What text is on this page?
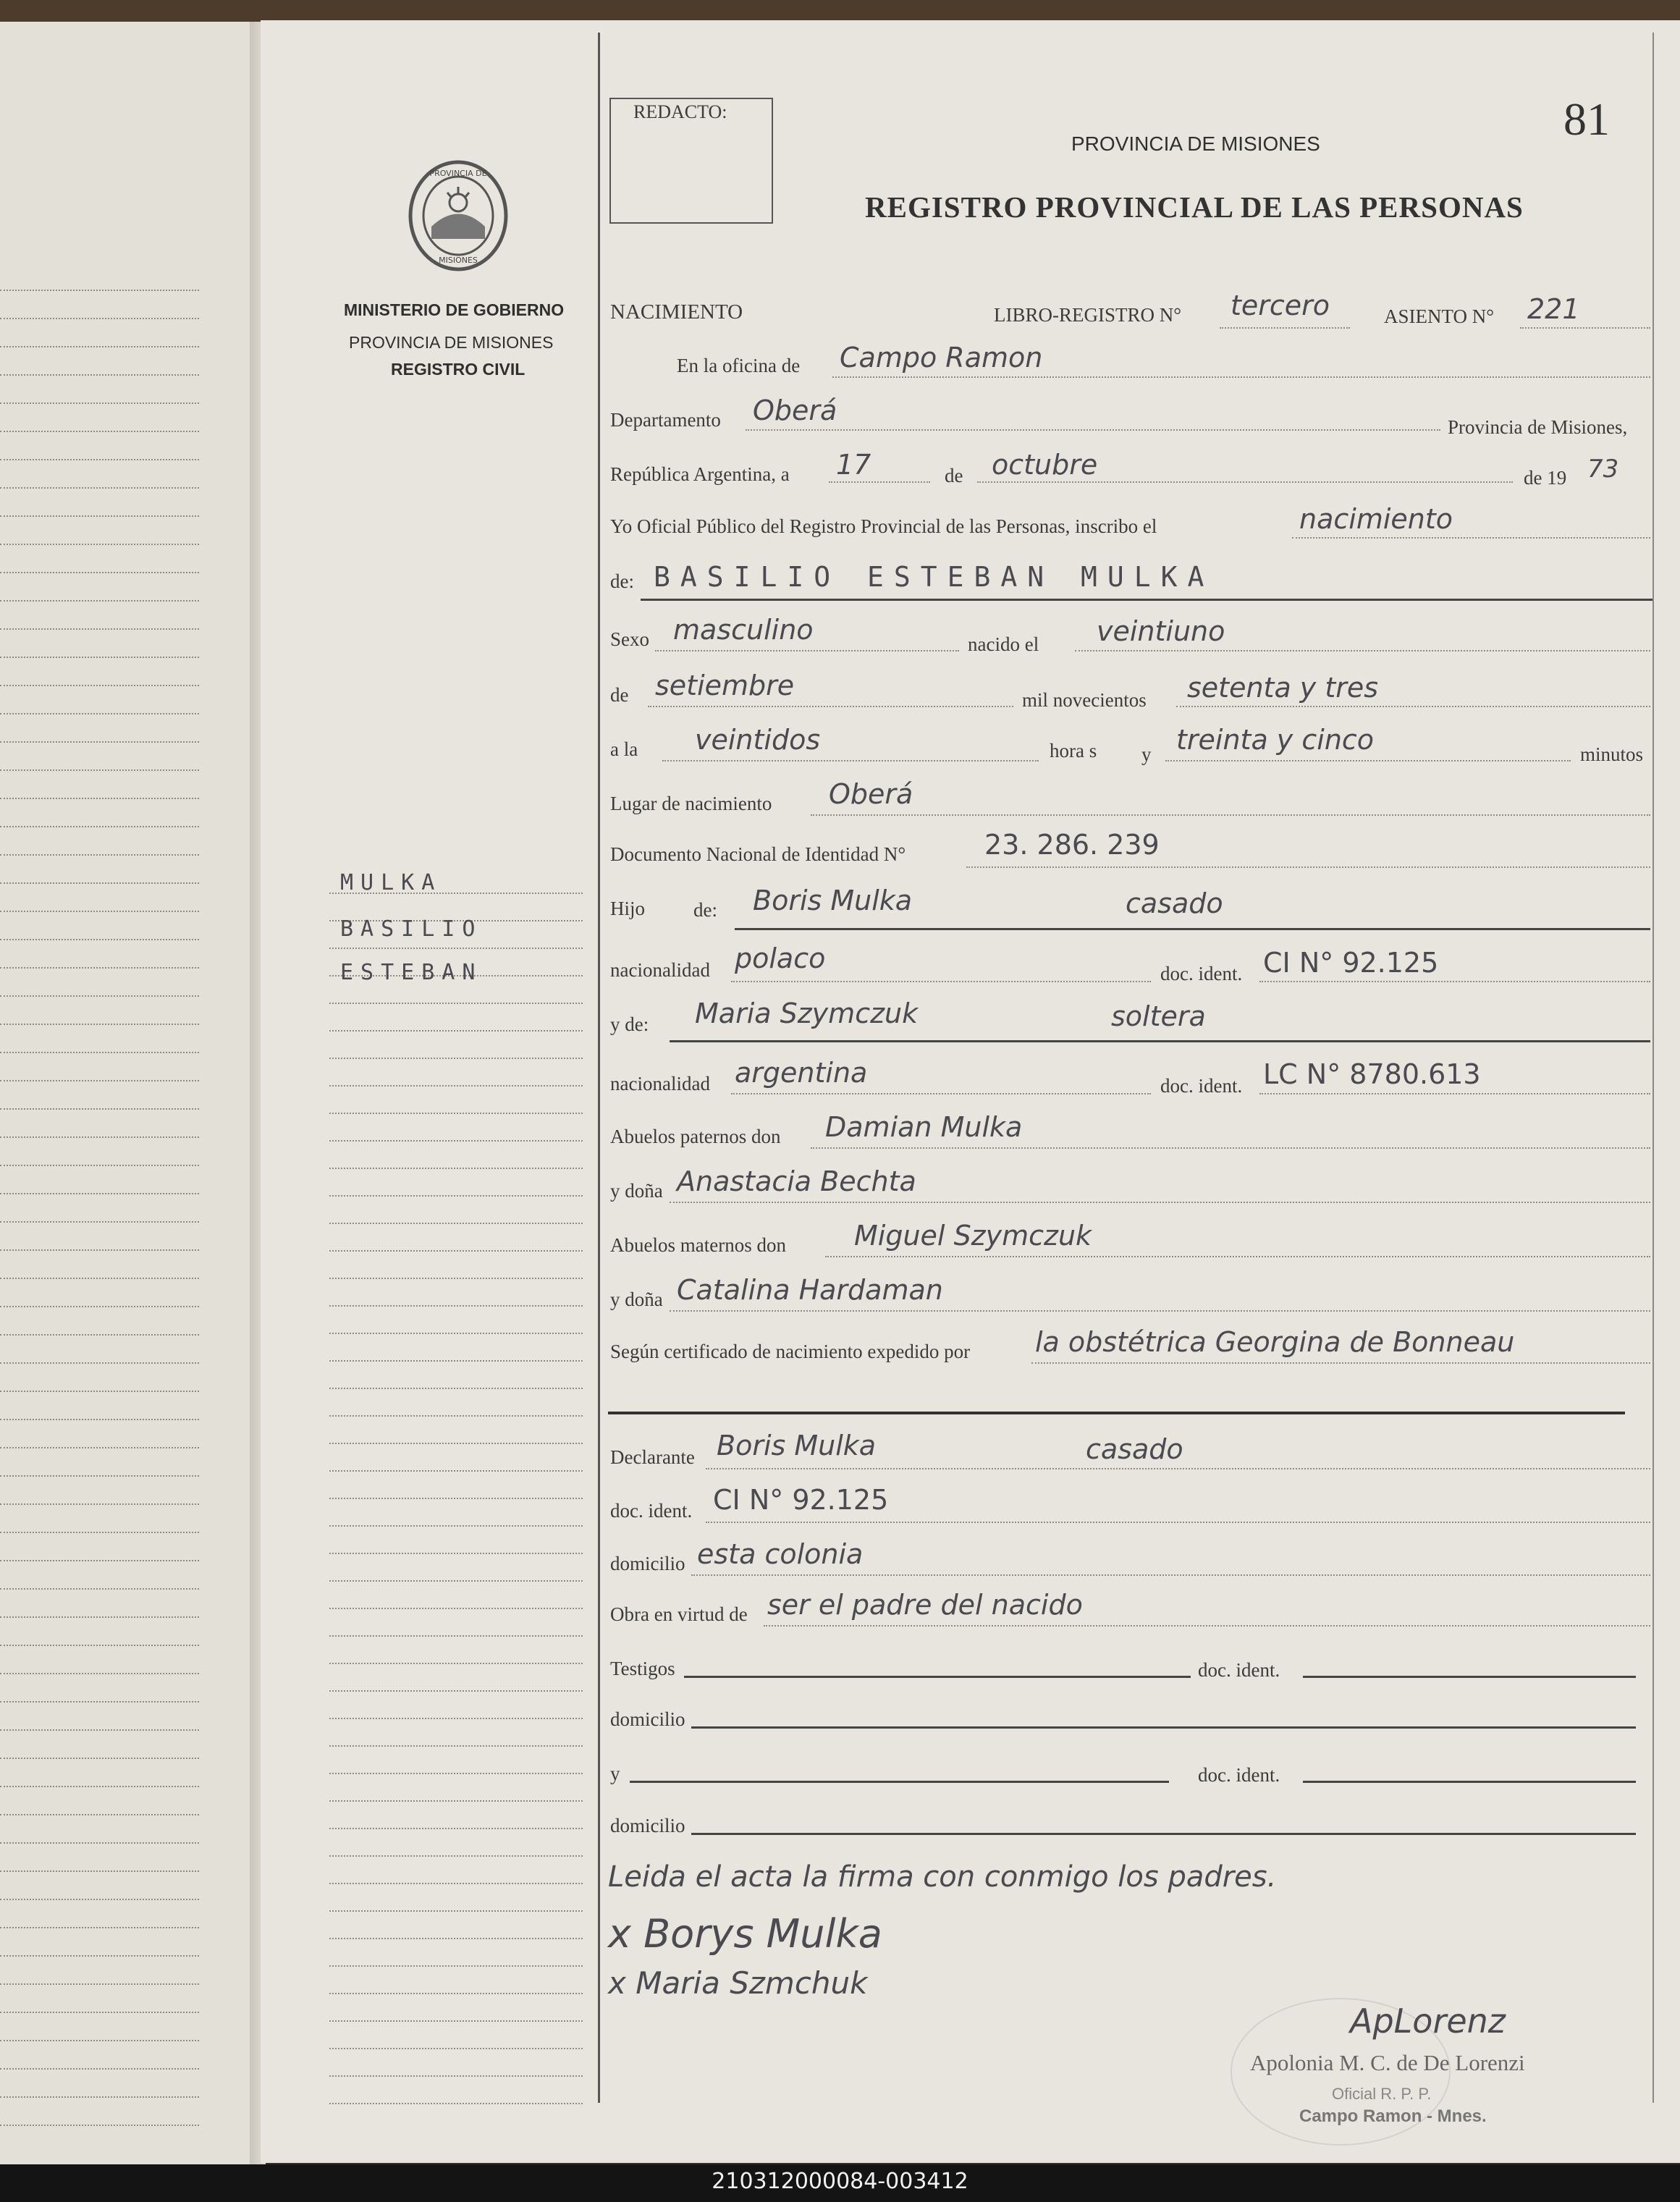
REDACTO:	81
PROVINCIA DE MISIONES
REGISTRO PROVINCIAL DE LAS PERSONAS
PROVINCIA DE
MISIONES
MINISTERIO DE GOBIERNO
PROVINCIA DE MISIONES
REGISTRO CIVIL
MULKA
BASILIO
ESTEBAN
NACIMIENTO	LIBRO-REGISTRO N° tercero	ASIENTO N° 221
En la oficina de Campo Ramon
Departamento Oberá
Provincia de Misiones,
República Argentina, a 17	de octubre	de 19 73
Yo Oficial Público del Registro Provincial de las Personas, inscribo el	nacimiento
de: BASILIO ESTEBAN MULKA
Sexo masculino	nacido el veintiuno
de setiembre	mil novecientos setenta y tres
a la veintidos	hora s y treinta y cinco	minutos
Lugar de nacimiento Oberá
Documento Nacional de Identidad N°	23. 286. 239
Hijo de: Boris Mulka	casado
nacionalidad polaco	doc. ident. CI N° 92.125
y de: Maria Szymczuk	soltera
nacionalidad argentina	doc. ident. LC N° 8780.613
Abuelos paternos don Damian Mulka
y doña Anastacia Bechta
Abuelos maternos don Miguel Szymczuk
y doña Catalina Hardaman
Según certificado de nacimiento expedido por la obstétrica Georgina de Bonneau
Declarante Boris Mulka	casado
doc. ident. CI N° 92.125
domicilio esta colonia
Obra en virtud de ser el padre del nacido
Testigos	doc. ident.
domicilio
y	doc. ident.
domicilio
Leida el acta la firma con conmigo los padres.
x Borys Mulka
x Maria Szmchuk
ApLorenz
Apolonia M. C. de De Lorenzi
Oficial R. P. P.
Campo Ramon - Mnes.
210312000084-003412
